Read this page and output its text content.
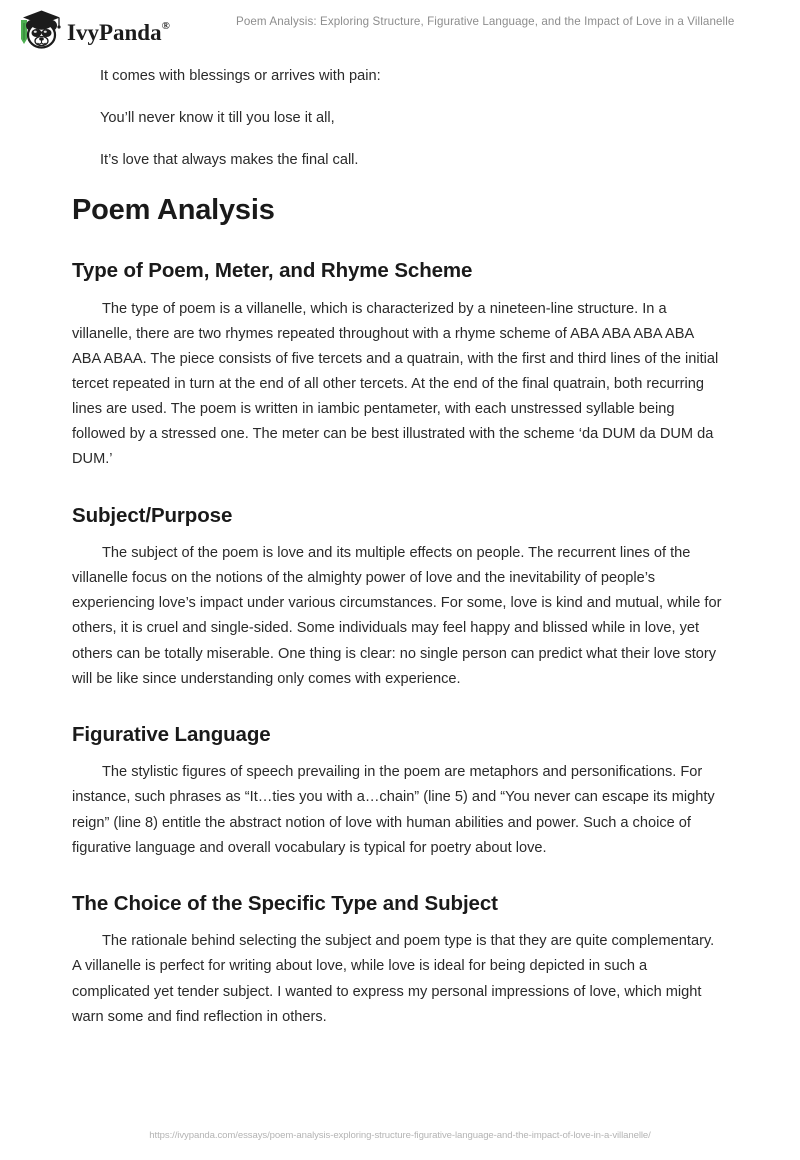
IvyPanda®	Poem Analysis: Exploring Structure, Figurative Language, and the Impact of Love in a Villanelle

It comes with blessings or arrives with pain:

You’ll never know it till you lose it all,

It’s love that always makes the final call.

Poem Analysis
Type of Poem, Meter, and Rhyme Scheme

The type of poem is a villanelle, which is characterized by a nineteen-line structure. In a villanelle, there are two rhymes repeated throughout with a rhyme scheme of ABA ABA ABA ABA ABA ABAA. The piece consists of five tercets and a quatrain, with the first and third lines of the initial tercet repeated in turn at the end of all other tercets. At the end of the final quatrain, both recurring lines are used. The poem is written in iambic pentameter, with each unstressed syllable being followed by a stressed one. The meter can be best illustrated with the scheme ‘da DUM da DUM da DUM.’

Subject/Purpose

The subject of the poem is love and its multiple effects on people. The recurrent lines of the villanelle focus on the notions of the almighty power of love and the inevitability of people’s experiencing love’s impact under various circumstances. For some, love is kind and mutual, while for others, it is cruel and single-sided. Some individuals may feel happy and blissed while in love, yet others can be totally miserable. One thing is clear: no single person can predict what their love story will be like since understanding only comes with experience.

Figurative Language

The stylistic figures of speech prevailing in the poem are metaphors and personifications. For instance, such phrases as “It…ties you with a…chain” (line 5) and “You never can escape its mighty reign” (line 8) entitle the abstract notion of love with human abilities and power. Such a choice of figurative language and overall vocabulary is typical for poetry about love.

The Choice of the Specific Type and Subject

The rationale behind selecting the subject and poem type is that they are quite complementary. A villanelle is perfect for writing about love, while love is ideal for being depicted in such a complicated yet tender subject. I wanted to express my personal impressions of love, which might warn some and find reflection in others.

https://ivypanda.com/essays/poem-analysis-exploring-structure-figurative-language-and-the-impact-of-love-in-a-villanelle/
